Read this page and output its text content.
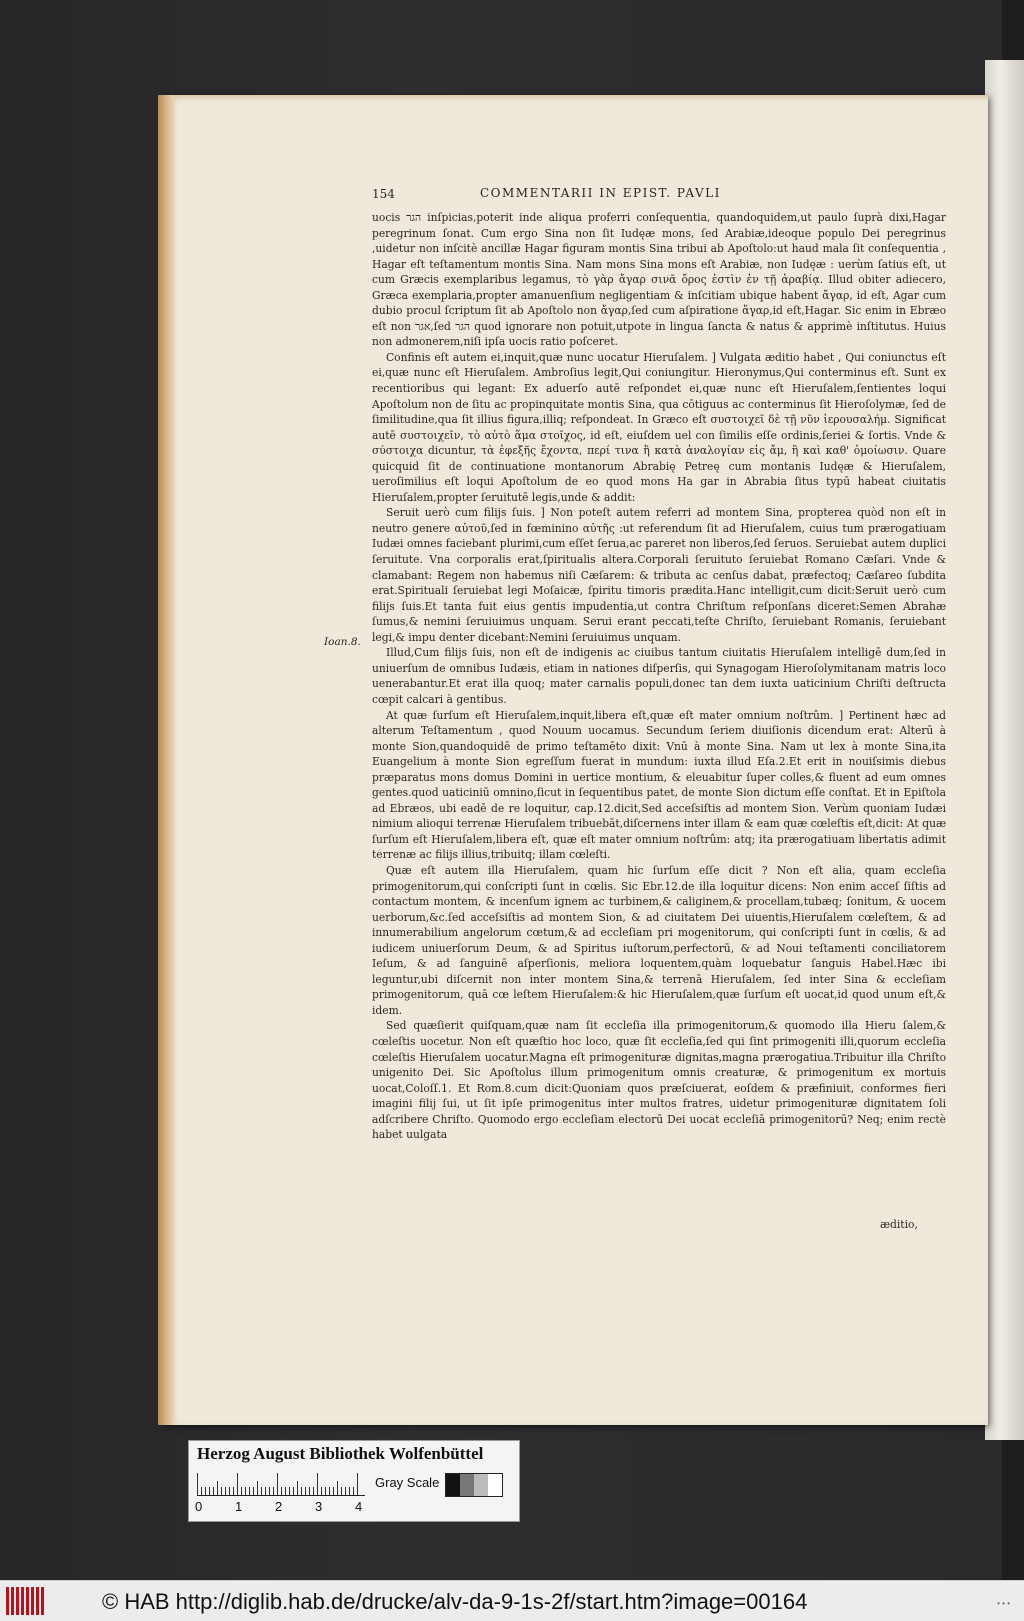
154	COMMENTARII IN EPIST. PAVLI
Ioan.8.

uocis הגר inſpicias,poterit inde aliqua proferri conſequentia, quandoquidem,ut paulo ſuprà dixi,Hagar peregrinum ſonat. Cum ergo Sina non ſit Iudęæ mons, ſed Arabiæ,ideoque populo Dei peregrinus ,uidetur non inſcitè ancillæ Hagar figuram montis Sina tribui ab Apoſtolo:ut haud mala ſit conſequentia , Hagar eſt teſtamentum montis Sina. Nam mons Sina mons eſt Arabiæ, non Iudęæ : uerùm ſatius eſt, ut cum Græcis exemplaribus legamus, τὸ γὰρ ἄγαρ σινᾶ ὄρος ἐστὶν ἐν τῇ ἀραβίᾳ. Illud obiter adiecero, Græca exemplaria,propter amanuenſium negligentiam & inſcitiam ubique habent ἄγαρ, id eſt, Agar cum dubio procul ſcriptum ſit ab Apoſtolo non ἄγαρ,ſed cum aſpiratione ἅγαρ,id eſt,Hagar. Sic enim in Ebræo eſt non אגר,ſed הגר quod ignorare non potuit,utpote in lingua ſancta & natus & apprimè inſtitutus. Huius non admonerem,niſi ipſa uocis ratio poſceret.

Confinis eſt autem ei,inquit,quæ nunc uocatur Hieruſalem. ] Vulgata æditio habet , Qui coniunctus eſt ei,quæ nunc eſt Hieruſalem. Ambroſius legit,Qui coniungitur. Hieronymus,Qui conterminus eſt. Sunt ex recentioribus qui legant: Ex aduerſo autē reſpondet ei,quæ nunc eſt Hieruſalem,ſentientes loqui Apoſtolum non de ſitu ac propinquitate montis Sina, qua cōtiguus ac conterminus ſit Hieroſolymæ, ſed de ſimilitudine,qua ſit illius figura,illiq; reſpondeat. In Græco eſt συστοιχεῖ δὲ τῇ νῦν ἱερουσαλήμ. Significat autē συστοιχεῖν, τὸ αὐτὸ ἅμα στοῖχος, id eſt, eiuſdem uel con ſimilis eſſe ordinis,ſeriei & ſortis. Vnde & σύστοιχα dicuntur, τὰ ἐφεξῆς ἔχοντα, περί τινα ἢ κατὰ ἀναλογίαν εἰς ἄμ, ἢ καὶ καθ' ὁμοίωσιν. Quare quicquid ſit de continuatione montanorum Abrabię Petreę cum montanis Iudęæ & Hieruſalem, ueroſimilius eſt loqui Apoſtolum de eo quod mons Ha gar in Abrabia ſitus typū habeat ciuitatis Hieruſalem,propter ſeruitutē legis,unde & addit:

Seruit uerò cum filijs ſuis. ] Non poteſt autem referri ad montem Sina, propterea quòd non eſt in neutro genere αὐτοῦ,ſed in fœminino αὐτῆς :ut referendum ſit ad Hieruſalem, cuius tum prærogatiuam Iudæi omnes faciebant plurimi,cum eſſet ſerua,ac pareret non liberos,ſed ſeruos. Seruiebat autem duplici ſeruitute. Vna corporalis erat,ſpiritualis altera.Corporali ſeruituto ſeruiebat Romano Cæſari. Vnde & clamabant: Regem non habemus niſi Cæſarem: & tributa ac cenſus dabat, præfectoq; Cæſareo ſubdita erat.Spirituali ſeruiebat legi Moſaicæ, ſpiritu timoris prædita.Hanc intelligit,cum dicit:Seruit uerò cum filijs ſuis.Et tanta fuit eius gentis impudentia,ut contra Chriſtum reſponſans diceret:Semen Abrahæ ſumus,& nemini ſeruiuimus unquam. Serui erant peccati,teſte Chriſto, ſeruiebant Romanis, ſeruiebant legi,& impu denter dicebant:Nemini ſeruiuimus unquam.

Illud,Cum filijs ſuis, non eſt de indigenis ac ciuibus tantum ciuitatis Hieruſalem intelligē dum,ſed in uniuerſum de omnibus Iudæis, etiam in nationes diſperſis, qui Synagogam Hieroſolymitanam matris loco uenerabantur.Et erat illa quoq; mater carnalis populi,donec tan dem iuxta uaticinium Chriſti deſtructa cœpit calcari à gentibus.

At quæ ſurſum eſt Hieruſalem,inquit,libera eſt,quæ eſt mater omnium noſtrûm. ] Pertinent hæc ad alterum Teſtamentum , quod Nouum uocamus. Secundum ſeriem diuiſionis dicendum erat: Alterū à monte Sion,quandoquidē de primo teſtamēto dixit: Vnū à monte Sina. Nam ut lex à monte Sina,ita Euangelium à monte Sion egreſſum fuerat in mundum: iuxta illud Eſa.2.Et erit in nouiſsimis diebus præparatus mons domus Domini in uertice montium, & eleuabitur ſuper colles,& fluent ad eum omnes gentes.quod uaticiniū omnino,ſicut in ſequentibus patet, de monte Sion dictum eſſe conſtat. Et in Epiſtola ad Ebræos, ubi eadē de re loquitur, cap.12.dicit,Sed acceſsiſtis ad montem Sion. Verùm quoniam Iudæi nimium alioqui terrenæ Hieruſalem tribuebāt,diſcernens inter illam & eam quæ cœleſtis eſt,dicit: At quæ ſurſum eſt Hieruſalem,libera eſt, quæ eſt mater omnium noſtrûm: atq; ita prærogatiuam libertatis adimit terrenæ ac filijs illius,tribuitq; illam cœleſti.

Quæ eſt autem illa Hieruſalem, quam hic ſurſum eſſe dicit ? Non eſt alia, quam eccleſia primogenitorum,qui conſcripti ſunt in cœlis. Sic Ebr.12.de illa loquitur dicens: Non enim acceſ ſiſtis ad contactum montem, & incenſum ignem ac turbinem,& caliginem,& procellam,tubæq; ſonitum, & uocem uerborum,&c.ſed acceſsiſtis ad montem Sion, & ad ciuitatem Dei uiuentis,Hieruſalem cœleſtem, & ad innumerabilium angelorum cœtum,& ad eccleſiam pri mogenitorum, qui conſcripti ſunt in cœlis, & ad iudicem uniuerſorum Deum, & ad Spiritus iuſtorum,perfectorū, & ad Noui teſtamenti conciliatorem Ieſum, & ad ſanguinē aſperſionis, meliora loquentem,quàm loquebatur ſanguis Habel.Hæc ibi leguntur,ubi diſcernit non inter montem Sina,& terrenā Hieruſalem, ſed inter Sina & eccleſiam primogenitorum, quā cœ leſtem Hieruſalem:& hic Hieruſalem,quæ ſurſum eſt uocat,id quod unum eſt,& idem.

Sed quæſierit quiſquam,quæ nam ſit eccleſia illa primogenitorum,& quomodo illa Hieru ſalem,& cœleſtis uocetur. Non eſt quæſtio hoc loco, quæ ſit eccleſia,ſed qui ſint primogeniti illi,quorum eccleſia cœleſtis Hieruſalem uocatur.Magna eſt primogenituræ dignitas,magna prærogatiua.Tribuitur illa Chriſto unigenito Dei. Sic Apoſtolus illum primogenitum omnis creaturæ, & primogenitum ex mortuis uocat,Coloſſ.1. Et Rom.8.cum dicit:Quoniam quos præſciuerat, eoſdem & præfiniuit, conformes fieri imagini filij ſui, ut ſit ipſe primogenitus inter multos fratres, uidetur primogenituræ dignitatem ſoli adſcribere Chriſto. Quomodo ergo eccleſiam electorū Dei uocat eccleſiā primogenitorū? Neq; enim rectè habet uulgata

æditio,
Herzog August Bibliothek Wolfenbüttel
0	1	2	3	4
Gray Scale
© HAB http://diglib.hab.de/drucke/alv-da-9-1s-2f/start.htm?image=00164	• • •
